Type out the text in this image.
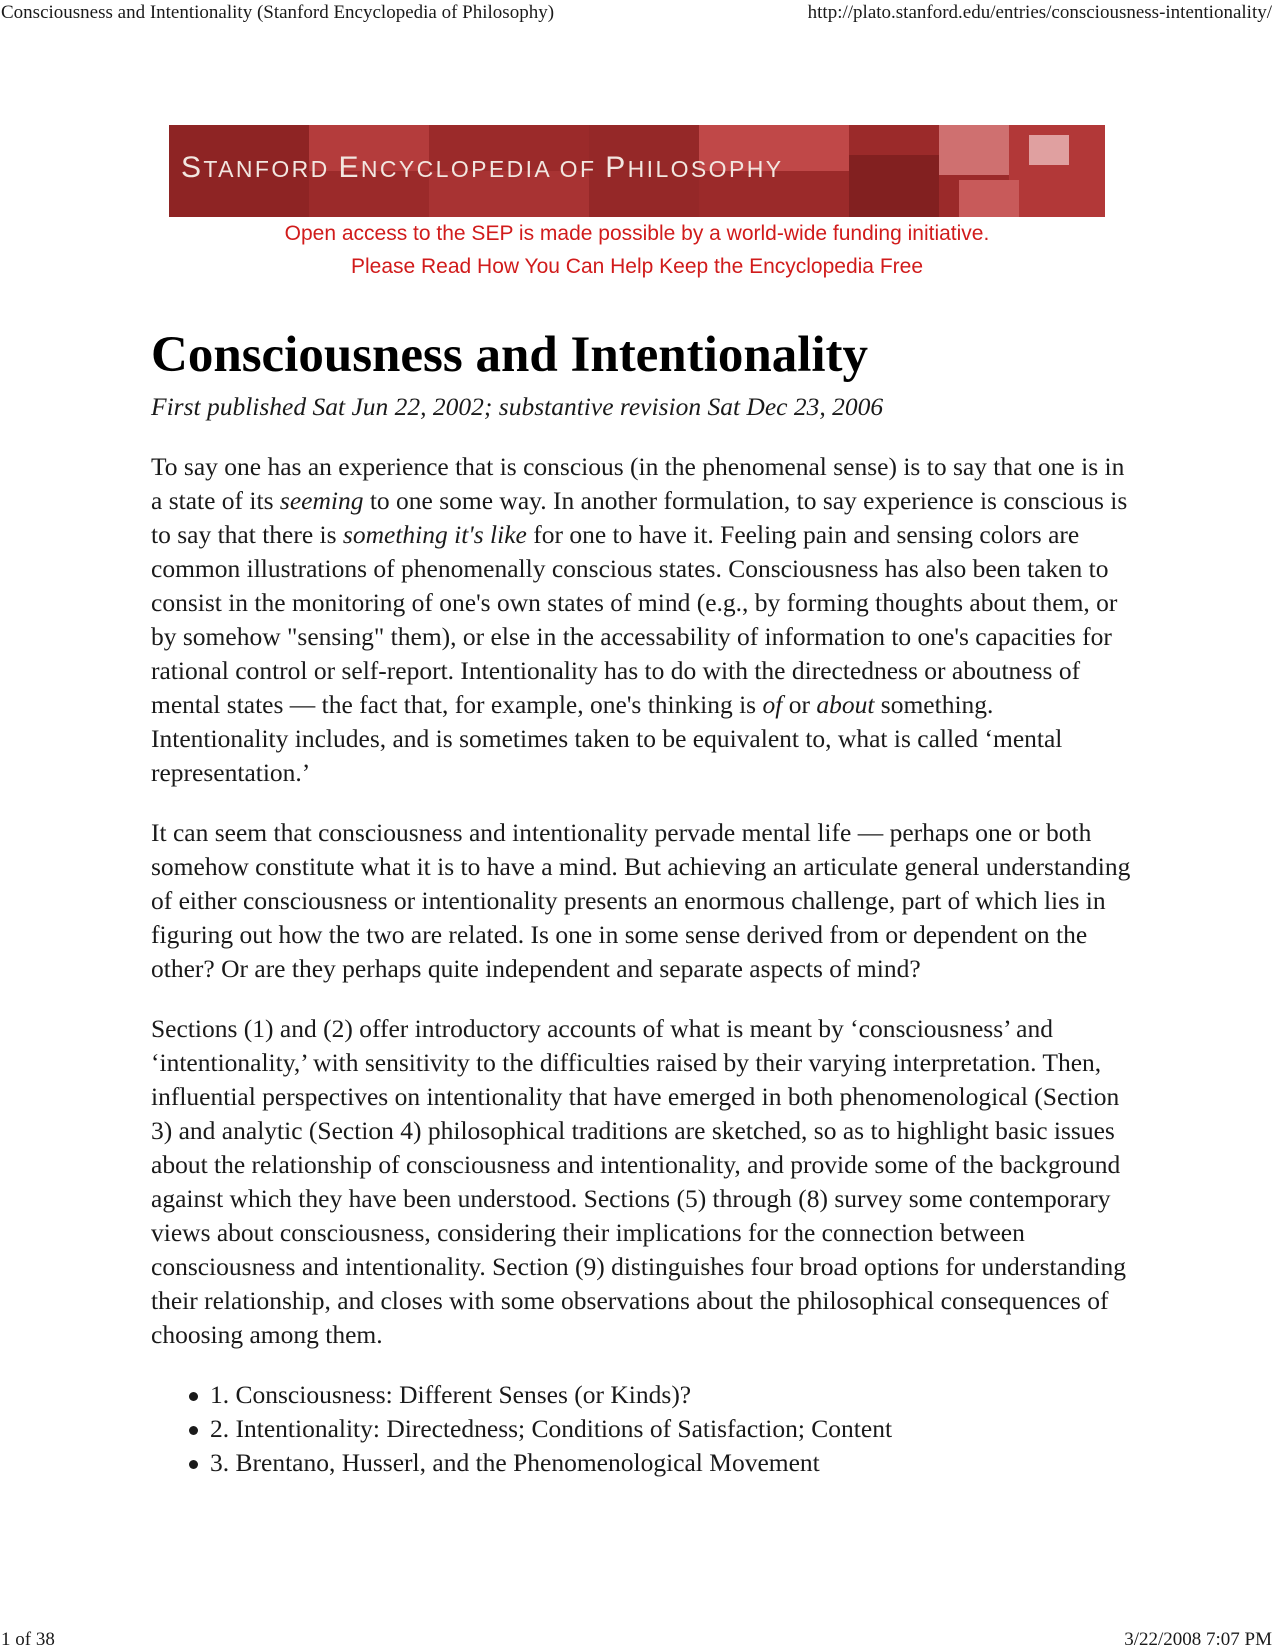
Consciousness and Intentionality (Stanford Encyclopedia of Philosophy)	http://plato.stanford.edu/entries/consciousness-intentionality/
STANFORD ENCYCLOPEDIA OF PHILOSOPHY
Open access to the SEP is made possible by a world-wide funding initiative.
Please Read How You Can Help Keep the Encyclopedia Free
Consciousness and Intentionality
First published Sat Jun 22, 2002; substantive revision Sat Dec 23, 2006

To say one has an experience that is conscious (in the phenomenal sense) is to say that one is in a state of its seeming to one some way. In another formulation, to say experience is conscious is to say that there is something it's like for one to have it. Feeling pain and sensing colors are common illustrations of phenomenally conscious states. Consciousness has also been taken to consist in the monitoring of one's own states of mind (e.g., by forming thoughts about them, or by somehow "sensing" them), or else in the accessability of information to one's capacities for rational control or self-report. Intentionality has to do with the directedness or aboutness of mental states — the fact that, for example, one's thinking is of or about something. Intentionality includes, and is sometimes taken to be equivalent to, what is called ‘mental representation.’

It can seem that consciousness and intentionality pervade mental life — perhaps one or both somehow constitute what it is to have a mind. But achieving an articulate general understanding of either consciousness or intentionality presents an enormous challenge, part of which lies in figuring out how the two are related. Is one in some sense derived from or dependent on the other? Or are they perhaps quite independent and separate aspects of mind?

Sections (1) and (2) offer introductory accounts of what is meant by ‘consciousness’ and ‘intentionality,’ with sensitivity to the difficulties raised by their varying interpretation. Then, influential perspectives on intentionality that have emerged in both phenomenological (Section 3) and analytic (Section 4) philosophical traditions are sketched, so as to highlight basic issues about the relationship of consciousness and intentionality, and provide some of the background against which they have been understood. Sections (5) through (8) survey some contemporary views about consciousness, considering their implications for the connection between consciousness and intentionality. Section (9) distinguishes four broad options for understanding their relationship, and closes with some observations about the philosophical consequences of choosing among them.

1. Consciousness: Different Senses (or Kinds)?
2. Intentionality: Directedness; Conditions of Satisfaction; Content
3. Brentano, Husserl, and the Phenomenological Movement
1 of 38	3/22/2008 7:07 PM
